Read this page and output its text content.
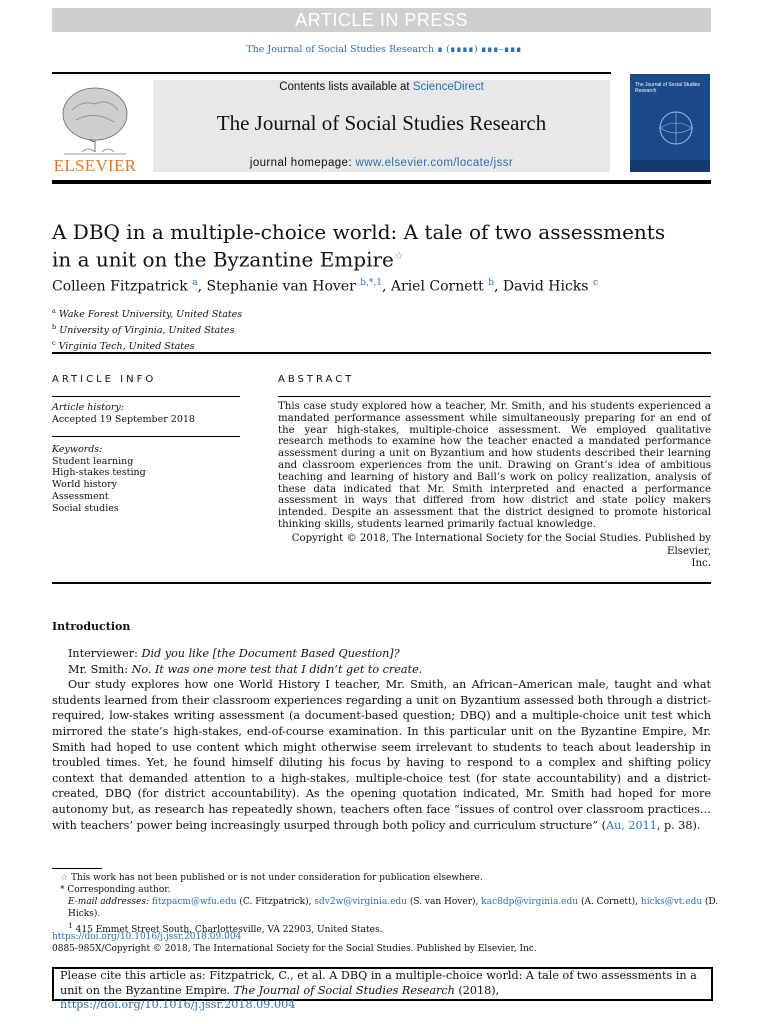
ARTICLE IN PRESS
The Journal of Social Studies Research ∎ (∎∎∎∎) ∎∎∎–∎∎∎
ELSEVIER
Contents lists available at ScienceDirect
The Journal of Social Studies Research
journal homepage: www.elsevier.com/locate/jssr
The Journal of Social Studies Research
A DBQ in a multiple-choice world: A tale of two assessments
in a unit on the Byzantine Empire☆
Colleen Fitzpatrick $^a$, Stephanie van Hover $^{b,*,1}$, Ariel Cornett $^b$, David Hicks $^c$
$^a$ Wake Forest University, United States
$^b$ University of Virginia, United States
$^c$ Virginia Tech, United States
ARTICLE INFO
Article history:
Accepted 19 September 2018
Keywords:
Student learning
High-stakes testing
World history
Assessment
Social studies
ABSTRACT
This case study explored how a teacher, Mr. Smith, and his students experienced a mandated performance assessment while simultaneously preparing for an end of the year high-stakes, multiple-choice assessment. We employed qualitative research methods to examine how the teacher enacted a mandated performance assessment during a unit on Byzantium and how students described their learning and classroom experiences from the unit. Drawing on Grant’s idea of ambitious teaching and learning of history and Ball’s work on policy realization, analysis of these data indicated that Mr. Smith interpreted and enacted a performance assessment in ways that differed from how district and state policy makers intended. Despite an assessment that the district designed to promote historical thinking skills, students learned primarily factual knowledge.
Copyright © 2018, The International Society for the Social Studies. Published by Elsevier,
Inc.
Introduction
Interviewer: Did you like [the Document Based Question]?
Mr. Smith: No. It was one more test that I didn’t get to create.
Our study explores how one World History I teacher, Mr. Smith, an African–American male, taught and what students learned from their classroom experiences regarding a unit on Byzantium assessed both through a district-required, low-stakes writing assessment (a document-based question; DBQ) and a multiple-choice unit test which mirrored the state’s high-stakes, end-of-course examination. In this particular unit on the Byzantine Empire, Mr. Smith had hoped to use content which might otherwise seem irrelevant to students to teach about leadership in troubled times. Yet, he found himself diluting his focus by having to respond to a complex and shifting policy context that demanded attention to a high-stakes, multiple-choice test (for state accountability) and a district-created, DBQ (for district accountability). As the opening quotation indicated, Mr. Smith had hoped for more autonomy but, as research has repeatedly shown, teachers often face “issues of control over classroom practices…with teachers’ power being increasingly usurped through both policy and curriculum structure” (Au, 2011, p. 38).
☆ This work has not been published or is not under consideration for publication elsewhere.
* Corresponding author.
E-mail addresses: fitzpacm@wfu.edu (C. Fitzpatrick), sdv2w@virginia.edu (S. van Hover), kac8dp@virginia.edu (A. Cornett), hicks@vt.edu (D. Hicks).
$^1$ 415 Emmet Street South, Charlottesville, VA 22903, United States.
https://doi.org/10.1016/j.jssr.2018.09.004
0885-985X/Copyright © 2018, The International Society for the Social Studies. Published by Elsevier, Inc.
Please cite this article as: Fitzpatrick, C., et al. A DBQ in a multiple-choice world: A tale of two assessments in a unit on the Byzantine Empire. The Journal of Social Studies Research (2018), https://doi.org/10.1016/j.jssr.2018.09.004
